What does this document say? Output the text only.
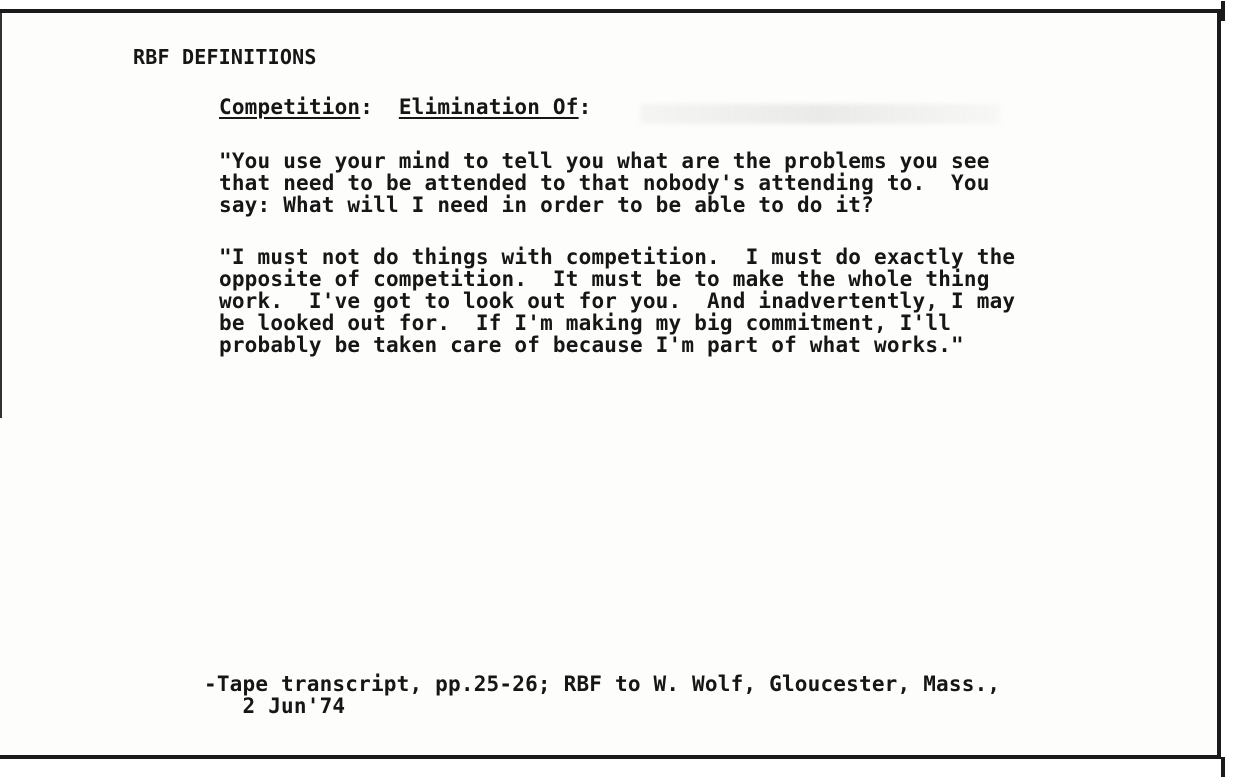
RBF DEFINITIONS
Competition:  Elimination Of:
"You use your mind to tell you what are the problems you see
that need to be attended to that nobody's attending to.  You
say: What will I need in order to be able to do it?
"I must not do things with competition.  I must do exactly the
opposite of competition.  It must be to make the whole thing
work.  I've got to look out for you.  And inadvertently, I may
be looked out for.  If I'm making my big commitment, I'll
probably be taken care of because I'm part of what works."
-Tape transcript, pp.25-26; RBF to W. Wolf, Gloucester, Mass.,
2 Jun'74
